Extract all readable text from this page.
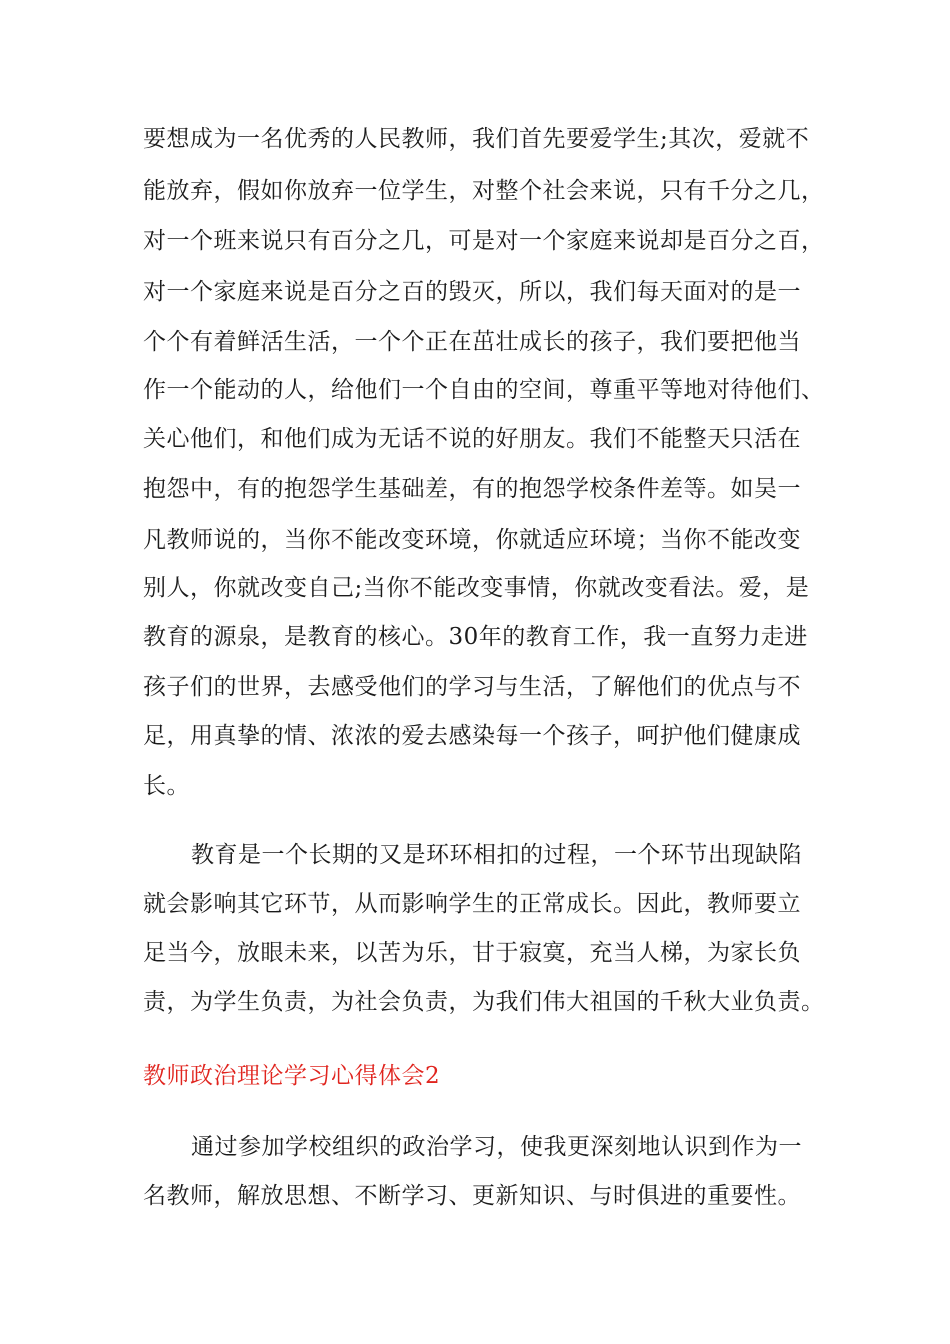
要想成为一名优秀的人民教师，我们首先要爱学生;其次，爱就不
能放弃，假如你放弃一位学生，对整个社会来说，只有千分之几，
对一个班来说只有百分之几，可是对一个家庭来说却是百分之百，
对一个家庭来说是百分之百的毁灭，所以，我们每天面对的是一
个个有着鲜活生活，一个个正在茁壮成长的孩子，我们要把他当
作一个能动的人，给他们一个自由的空间，尊重平等地对待他们、
关心他们，和他们成为无话不说的好朋友。我们不能整天只活在
抱怨中，有的抱怨学生基础差，有的抱怨学校条件差等。如吴一
凡教师说的，当你不能改变环境，你就适应环境；当你不能改变
别人，你就改变自己;当你不能改变事情，你就改变看法。爱，是
教育的源泉，是教育的核心。30年的教育工作，我一直努力走进
孩子们的世界，去感受他们的学习与生活，了解他们的优点与不
足，用真挚的情、浓浓的爱去感染每一个孩子，呵护他们健康成
长。
教育是一个长期的又是环环相扣的过程，一个环节出现缺陷
就会影响其它环节，从而影响学生的正常成长。因此，教师要立
足当今，放眼未来，以苦为乐，甘于寂寞，充当人梯，为家长负
责，为学生负责，为社会负责，为我们伟大祖国的千秋大业负责。
教师政治理论学习心得体会2
通过参加学校组织的政治学习，使我更深刻地认识到作为一
名教师，解放思想、不断学习、更新知识、与时俱进的重要性。
